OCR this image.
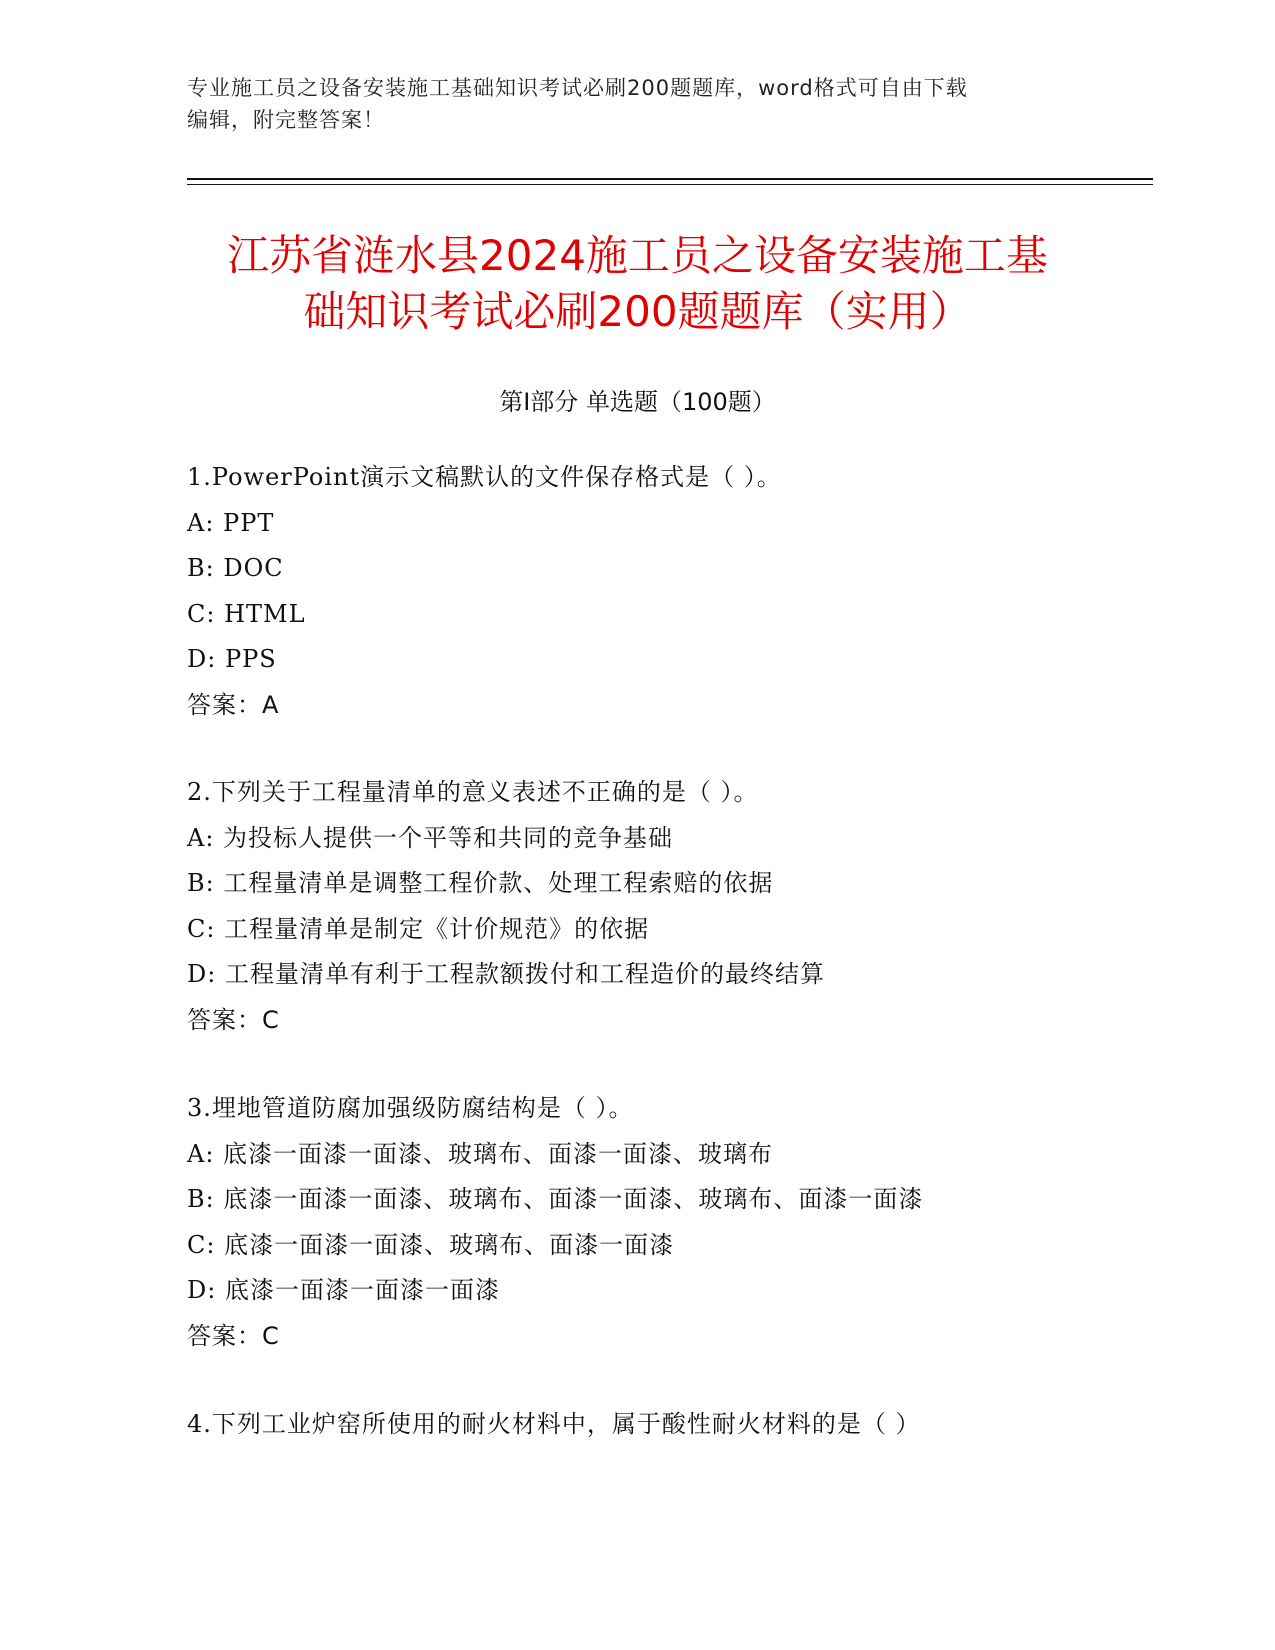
专业施工员之设备安装施工基础知识考试必刷200题题库，word格式可自由下载
编辑，附完整答案！
江苏省涟水县2024施工员之设备安装施工基
础知识考试必刷200题题库（实用）
第Ⅰ部分 单选题（100题）
1.PowerPoint演示文稿默认的文件保存格式是（ ）。
A: PPT
B: DOC
C: HTML
D: PPS
答案：A
2.下列关于工程量清单的意义表述不正确的是（ ）。
A: 为投标人提供一个平等和共同的竞争基础
B: 工程量清单是调整工程价款、处理工程索赔的依据
C: 工程量清单是制定《计价规范》的依据
D: 工程量清单有利于工程款额拨付和工程造价的最终结算
答案：C
3.埋地管道防腐加强级防腐结构是（ ）。
A: 底漆一面漆一面漆、玻璃布、面漆一面漆、玻璃布
B: 底漆一面漆一面漆、玻璃布、面漆一面漆、玻璃布、面漆一面漆
C: 底漆一面漆一面漆、玻璃布、面漆一面漆
D: 底漆一面漆一面漆一面漆
答案：C
4.下列工业炉窑所使用的耐火材料中，属于酸性耐火材料的是（ ）
